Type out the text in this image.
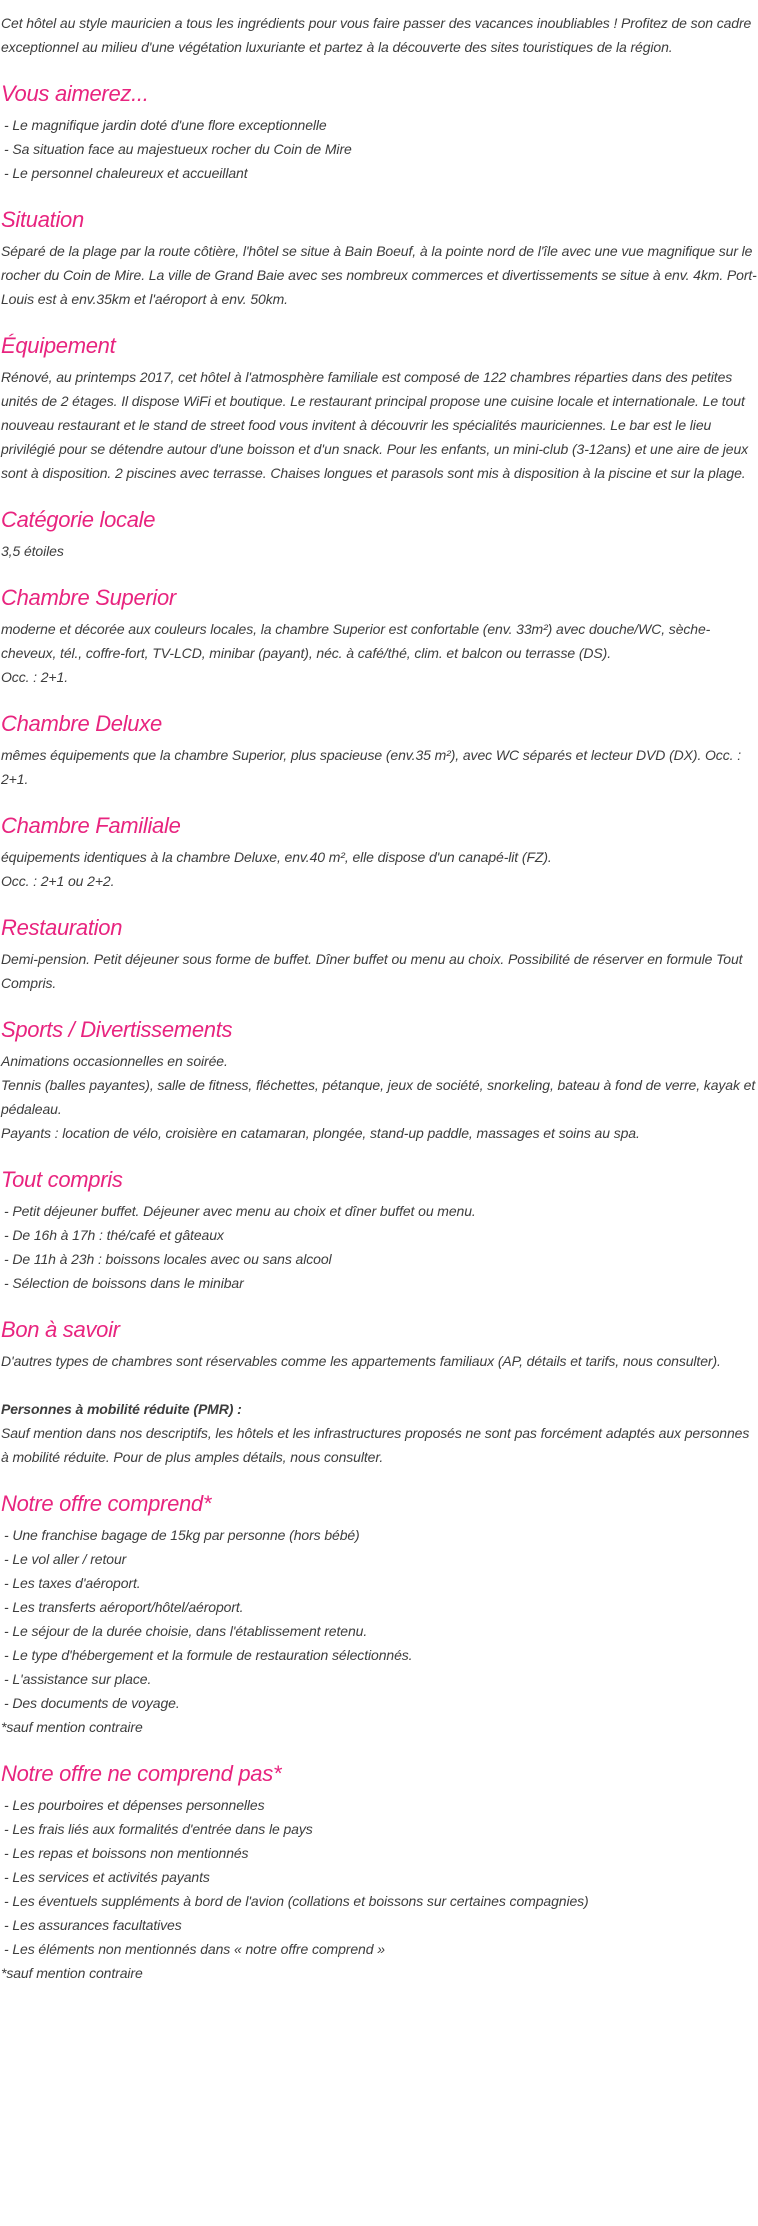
Cet hôtel au style mauricien a tous les ingrédients pour vous faire passer des vacances inoubliables ! Profitez de son cadre exceptionnel au milieu d'une végétation luxuriante et partez à la découverte des sites touristiques de la région.

Vous aimerez...

- Le magnifique jardin doté d'une flore exceptionnelle
- Sa situation face au majestueux rocher du Coin de Mire
- Le personnel chaleureux et accueillant

Situation

Séparé de la plage par la route côtière, l'hôtel se situe à Bain Boeuf, à la pointe nord de l'île avec une vue magnifique sur le rocher du Coin de Mire. La ville de Grand Baie avec ses nombreux commerces et divertissements se situe à env. 4km. Port-Louis est à env.35km et l'aéroport à env. 50km.

Équipement

Rénové, au printemps 2017, cet hôtel à l'atmosphère familiale est composé de 122 chambres réparties dans des petites unités de 2 étages. Il dispose WiFi et boutique. Le restaurant principal propose une cuisine locale et internationale. Le tout nouveau restaurant et le stand de street food vous invitent à découvrir les spécialités mauriciennes. Le bar est le lieu privilégié pour se détendre autour d'une boisson et d'un snack. Pour les enfants, un mini-club (3-12ans) et une aire de jeux sont à disposition. 2 piscines avec terrasse. Chaises longues et parasols sont mis à disposition à la piscine et sur la plage.

Catégorie locale

3,5 étoiles

Chambre Superior

moderne et décorée aux couleurs locales, la chambre Superior est confortable (env. 33m²) avec douche/WC, sèche-cheveux, tél., coffre-fort, TV-LCD, minibar (payant), néc. à café/thé, clim. et balcon ou terrasse (DS).
Occ. : 2+1.

Chambre Deluxe

mêmes équipements que la chambre Superior, plus spacieuse (env.35 m²), avec WC séparés et lecteur DVD (DX). Occ. : 2+1.

Chambre Familiale

équipements identiques à la chambre Deluxe, env.40 m², elle dispose d'un canapé-lit (FZ).
Occ. : 2+1 ou 2+2.

Restauration

Demi-pension. Petit déjeuner sous forme de buffet. Dîner buffet ou menu au choix. Possibilité de réserver en formule Tout Compris.

Sports / Divertissements

Animations occasionnelles en soirée.
Tennis (balles payantes), salle de fitness, fléchettes, pétanque, jeux de société, snorkeling, bateau à fond de verre, kayak et pédaleau.
Payants : location de vélo, croisière en catamaran, plongée, stand-up paddle, massages et soins au spa.

Tout compris

- Petit déjeuner buffet. Déjeuner avec menu au choix et dîner buffet ou menu.
- De 16h à 17h : thé/café et gâteaux
- De 11h à 23h : boissons locales avec ou sans alcool
- Sélection de boissons dans le minibar

Bon à savoir

D'autres types de chambres sont réservables comme les appartements familiaux (AP, détails et tarifs, nous consulter).
Personnes à mobilité réduite (PMR) :
Sauf mention dans nos descriptifs, les hôtels et les infrastructures proposés ne sont pas forcément adaptés aux personnes à mobilité réduite. Pour de plus amples détails, nous consulter.

Notre offre comprend*

- Une franchise bagage de 15kg par personne (hors bébé)
- Le vol aller / retour
- Les taxes d'aéroport.
- Les transferts aéroport/hôtel/aéroport.
- Le séjour de la durée choisie, dans l'établissement retenu.
- Le type d'hébergement et la formule de restauration sélectionnés.
- L'assistance sur place.
- Des documents de voyage.
*sauf mention contraire

Notre offre ne comprend pas*

- Les pourboires et dépenses personnelles
- Les frais liés aux formalités d'entrée dans le pays
- Les repas et boissons non mentionnés
- Les services et activités payants
- Les éventuels suppléments à bord de l'avion (collations et boissons sur certaines compagnies)
- Les assurances facultatives
- Les éléments non mentionnés dans « notre offre comprend »
*sauf mention contraire
